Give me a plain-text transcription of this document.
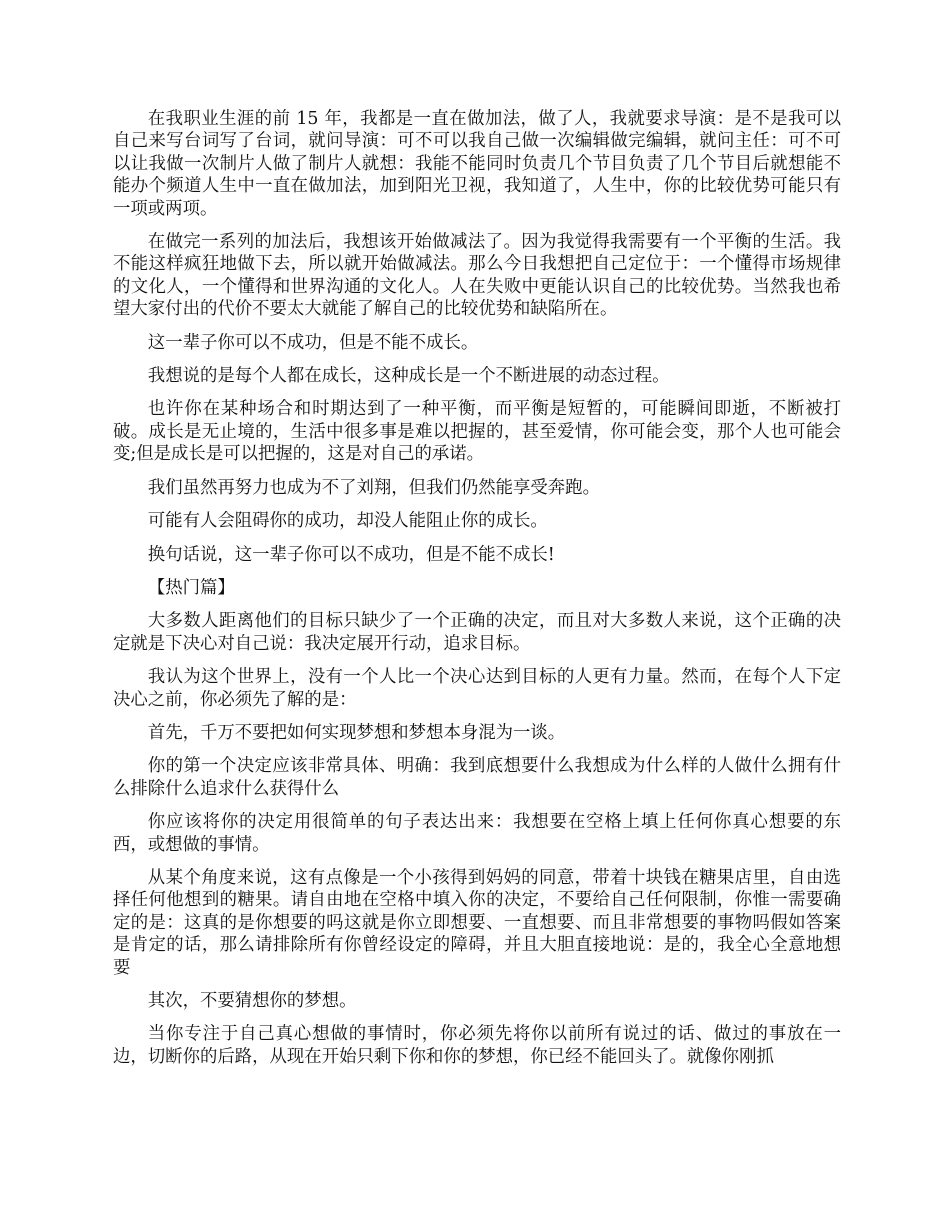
在我职业生涯的前 15 年，我都是一直在做加法，做了人，我就要求导演：是不是我可以自己来写台词写了台词，就问导演：可不可以我自己做一次编辑做完编辑，就问主任：可不可以让我做一次制片人做了制片人就想：我能不能同时负责几个节目负责了几个节目后就想能不能办个频道人生中一直在做加法，加到阳光卫视，我知道了，人生中，你的比较优势可能只有一项或两项。

在做完一系列的加法后，我想该开始做减法了。因为我觉得我需要有一个平衡的生活。我不能这样疯狂地做下去，所以就开始做减法。那么今日我想把自己定位于：一个懂得市场规律的文化人，一个懂得和世界沟通的文化人。人在失败中更能认识自己的比较优势。当然我也希望大家付出的代价不要太大就能了解自己的比较优势和缺陷所在。

这一辈子你可以不成功，但是不能不成长。

我想说的是每个人都在成长，这种成长是一个不断进展的动态过程。

也许你在某种场合和时期达到了一种平衡，而平衡是短暂的，可能瞬间即逝，不断被打破。成长是无止境的，生活中很多事是难以把握的，甚至爱情，你可能会变，那个人也可能会变;但是成长是可以把握的，这是对自己的承诺。

我们虽然再努力也成为不了刘翔，但我们仍然能享受奔跑。

可能有人会阻碍你的成功，却没人能阻止你的成长。

换句话说，这一辈子你可以不成功，但是不能不成长!

【热门篇】

大多数人距离他们的目标只缺少了一个正确的决定，而且对大多数人来说，这个正确的决定就是下决心对自己说：我决定展开行动，追求目标。

我认为这个世界上，没有一个人比一个决心达到目标的人更有力量。然而，在每个人下定决心之前，你必须先了解的是：

首先，千万不要把如何实现梦想和梦想本身混为一谈。

你的第一个决定应该非常具体、明确：我到底想要什么我想成为什么样的人做什么拥有什么排除什么追求什么获得什么

你应该将你的决定用很简单的句子表达出来：我想要在空格上填上任何你真心想要的东西，或想做的事情。

从某个角度来说，这有点像是一个小孩得到妈妈的同意，带着十块钱在糖果店里，自由选择任何他想到的糖果。请自由地在空格中填入你的决定，不要给自己任何限制，你惟一需要确定的是：这真的是你想要的吗这就是你立即想要、一直想要、而且非常想要的事物吗假如答案是肯定的话，那么请排除所有你曾经设定的障碍，并且大胆直接地说：是的，我全心全意地想要

其次，不要猜想你的梦想。

当你专注于自己真心想做的事情时，你必须先将你以前所有说过的话、做过的事放在一边，切断你的后路，从现在开始只剩下你和你的梦想，你已经不能回头了。就像你刚抓
